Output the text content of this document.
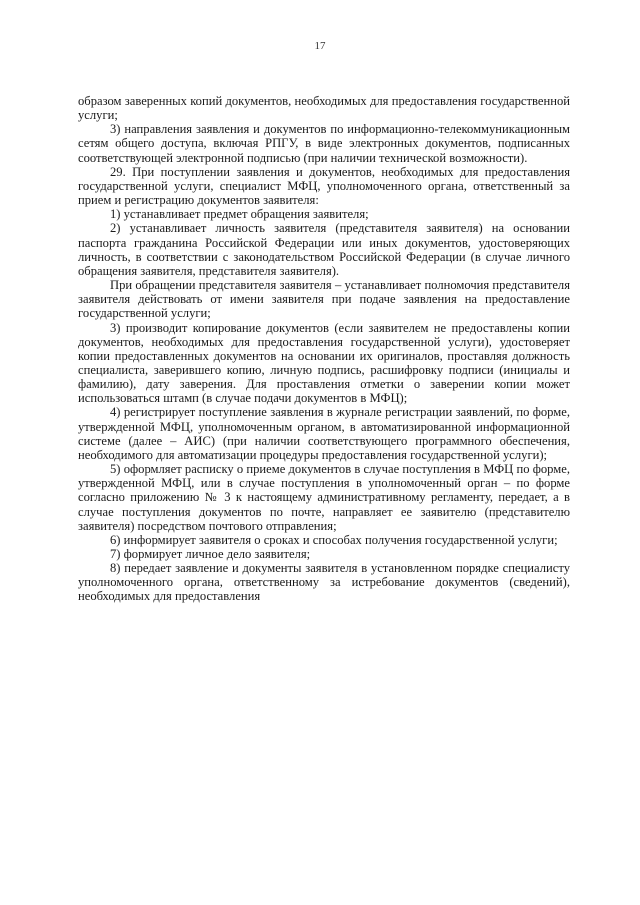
17

образом заверенных копий документов, необходимых для предоставления государственной услуги;

3) направления заявления и документов по информационно-телекоммуникационным сетям общего доступа, включая РПГУ, в виде электронных документов, подписанных соответствующей электронной подписью (при наличии технической возможности).

29. При поступлении заявления и документов, необходимых для предоставления государственной услуги, специалист МФЦ, уполномоченного органа, ответственный за прием и регистрацию документов заявителя:

1) устанавливает предмет обращения заявителя;

2) устанавливает личность заявителя (представителя заявителя) на основании паспорта гражданина Российской Федерации или иных документов, удостоверяющих личность, в соответствии с законодательством Российской Федерации (в случае личного обращения заявителя, представителя заявителя).

При обращении представителя заявителя – устанавливает полномочия представителя заявителя действовать от имени заявителя при подаче заявления на предоставление государственной услуги;

3) производит копирование документов (если заявителем не предоставлены копии документов, необходимых для предоставления государственной услуги), удостоверяет копии предоставленных документов на основании их оригиналов, проставляя должность специалиста, заверившего копию, личную подпись, расшифровку подписи (инициалы и фамилию), дату заверения. Для проставления отметки о заверении копии может использоваться штамп (в случае подачи документов в МФЦ);

4) регистрирует поступление заявления в журнале регистрации заявлений, по форме, утвержденной МФЦ, уполномоченным органом, в автоматизированной информационной системе (далее – АИС) (при наличии соответствующего программного обеспечения, необходимого для автоматизации процедуры предоставления государственной услуги);

5) оформляет расписку о приеме документов в случае поступления в МФЦ по форме, утвержденной МФЦ, или в случае поступления в уполномоченный орган – по форме согласно приложению № 3 к настоящему административному регламенту, передает, а в случае поступления документов по почте, направляет ее заявителю (представителю заявителя) посредством почтового отправления;

6) информирует заявителя о сроках и способах получения государственной услуги;

7) формирует личное дело заявителя;

8) передает заявление и документы заявителя в установленном порядке специалисту уполномоченного органа, ответственному за истребование документов (сведений), необходимых для предоставления
